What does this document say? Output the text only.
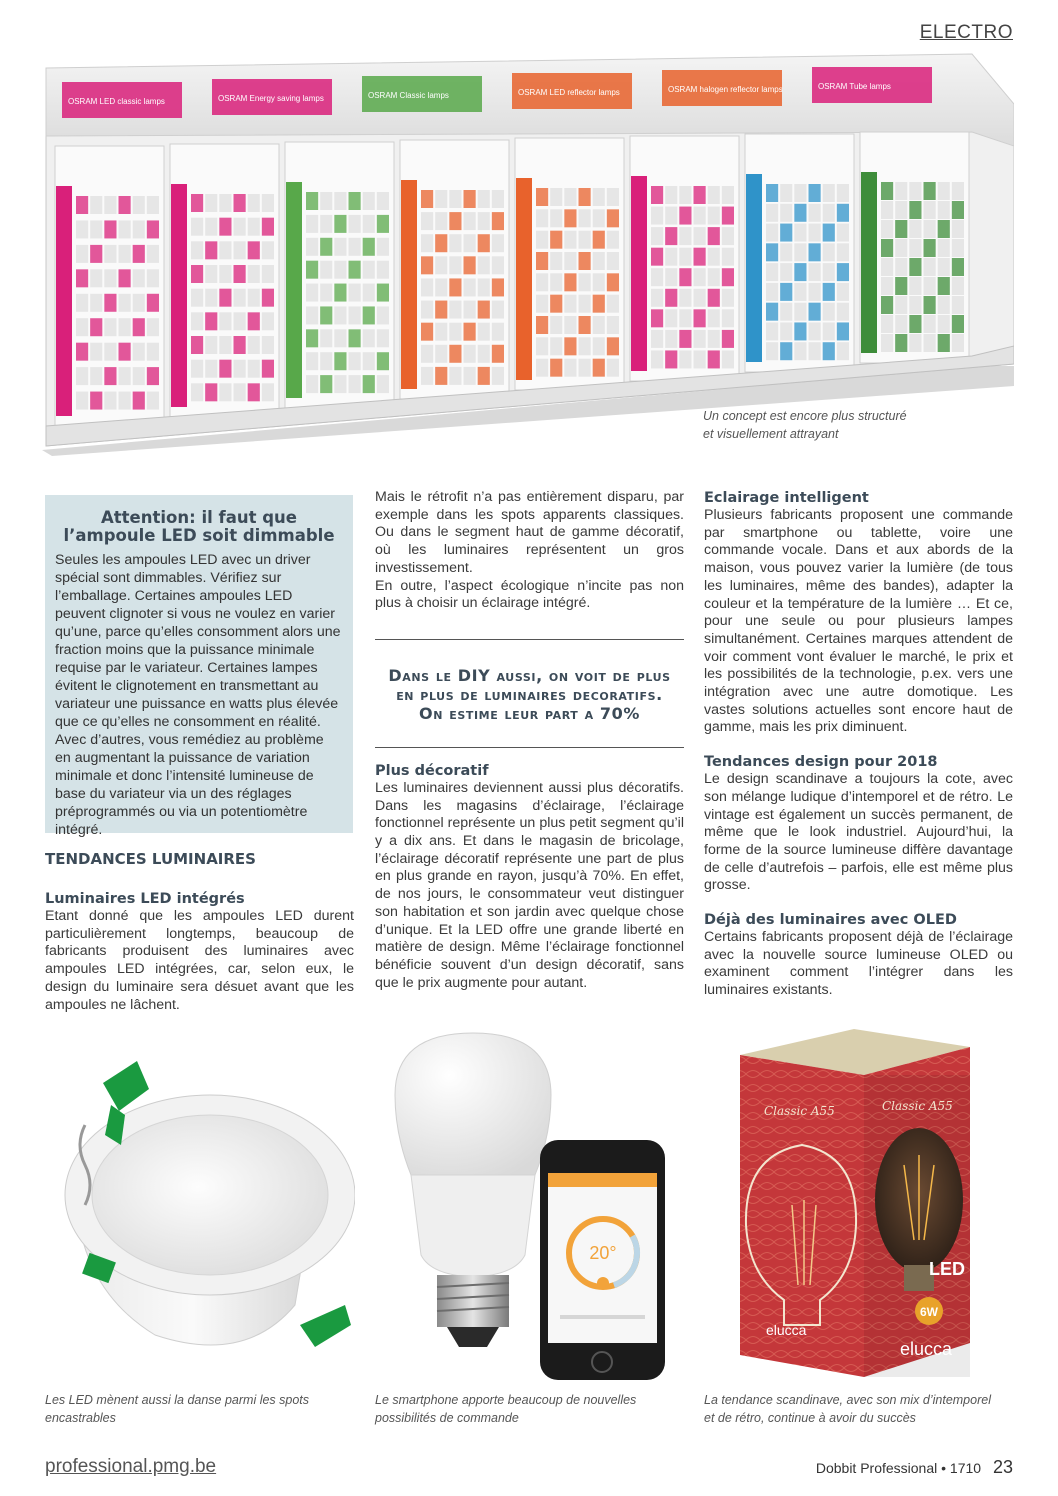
ELECTRO
OSRAM LED classic lamps	OSRAM Energy saving lamps	OSRAM Classic lamps	OSRAM LED reflector lamps	OSRAM halogen reflector lamps	OSRAM Tube lamps
Un concept est encore plus structuré
et visuellement attrayant
Attention: il faut que
l’ampoule LED soit dimmable

Seules les ampoules LED avec un driver spécial sont dimmables. Vérifiez sur l’emballage. Certaines ampoules LED peuvent clignoter si vous ne voulez en varier qu’une, parce qu’elles consomment alors une fraction moins que la puissance minimale requise par le variateur. Certaines lampes évitent le clignotement en transmettant au variateur une puissance en watts plus élevée que ce qu’elles ne consomment en réalité. Avec d’autres, vous remédiez au problème en augmentant la puissance de variation minimale et donc l’intensité lumineuse de base du variateur via un des réglages préprogrammés ou via un potentiomètre intégré.

TENDANCES LUMINAIRES
Luminaires LED intégrés

Etant donné que les ampoules LED durent particulièrement longtemps, beaucoup de fabricants produisent des luminaires avec ampoules LED intégrées, car, selon eux, le design du luminaire sera désuet avant que les ampoules ne lâchent.

Mais le rétrofit n’a pas entièrement disparu, par exemple dans les spots apparents classiques. Ou dans le segment haut de gamme décoratif, où les luminaires représentent un gros investissement.

En outre, l’aspect écologique n’incite pas non plus à choisir un éclairage intégré.

Dans le DIY aussi, on voit de plus
en plus de luminaires decoratifs.
On estime leur part a 70%
Plus décoratif

Les luminaires deviennent aussi plus décoratifs. Dans les magasins d’éclairage, l’éclairage fonctionnel représente un plus petit segment qu’il y a dix ans. Et dans le magasin de bricolage, l’éclairage décoratif représente une part de plus en plus grande en rayon, jusqu’à 70%. En effet, de nos jours, le consommateur veut distinguer son habitation et son jardin avec quelque chose d’unique. Et la LED offre une grande liberté en matière de design. Même l’éclairage fonctionnel bénéficie souvent d’un design décoratif, sans que le prix augmente pour autant.

Eclairage intelligent

Plusieurs fabricants proposent une commande par smartphone ou tablette, voire une commande vocale. Dans et aux abords de la maison, vous pouvez varier la lumière (de tous les luminaires, même des bandes), adapter la couleur et la température de la lumière … Et ce, pour une seule ou pour plusieurs lampes simultanément. Certaines marques attendent de voir comment vont évaluer le marché, le prix et les possibilités de la technologie, p.ex. vers une intégration avec une autre domotique. Les vastes solutions actuelles sont encore haut de gamme, mais les prix diminuent.

Tendances design pour 2018

Le design scandinave a toujours la cote, avec son mélange ludique d’intemporel et de rétro. Le vintage est également un succès permanent, de même que le look industriel. Aujourd’hui, la forme de la source lumineuse diffère davantage de celle d’autrefois – parfois, elle est même plus grosse.

Déjà des luminaires avec OLED

Certains fabricants proposent déjà de l’éclairage avec la nouvelle source lumineuse OLED ou examinent comment l’intégrer dans les luminaires existants.

Les LED mènent aussi la danse parmi les spots
encastrables
20°
Le smartphone apporte beaucoup de nouvelles
possibilités de commande
LED
6W
elucca
elucca
Classic A55	Classic A55
La tendance scandinave, avec son mix d’intemporel
et de rétro, continue à avoir du succès
professional.pmg.be	Dobbit Professional • 1710 23
